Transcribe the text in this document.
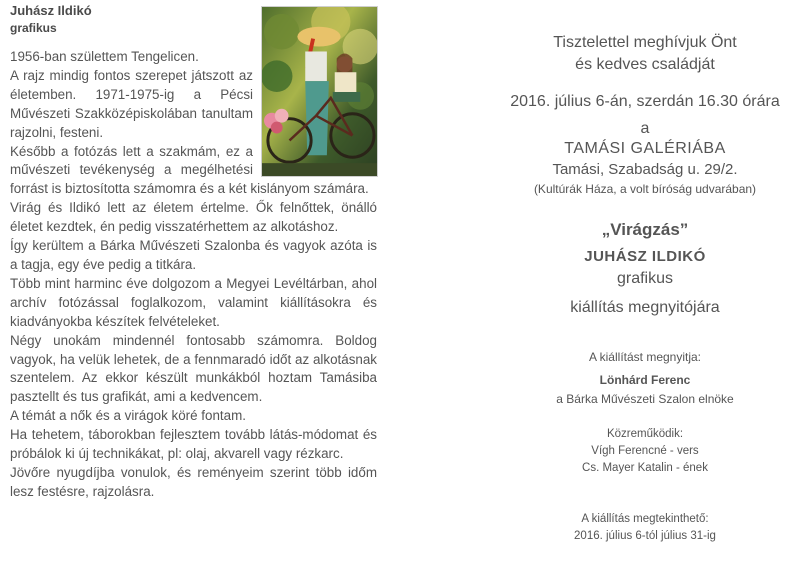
Juhász Ildikó
grafikus

1956-ban születtem Tengelicen.

A rajz mindig fontos szerepet játszott az életemben. 1971-1975-ig a Pécsi Művészeti Szakközépiskolában tanultam rajzolni, festeni.

Később a fotózás lett a szakmám, ez a művészeti tevékenység a megélhetési forrást is biztosította számomra és a két kislányom számára.

Virág és Ildikó lett az életem értelme. Ők felnőttek, önálló életet kezdtek, én pedig visszatérhettem az alkotáshoz.

Így kerültem a Bárka Művészeti Szalonba és vagyok azóta is a tagja, egy éve pedig a titkára.

Több mint harminc éve dolgozom a Megyei Levéltárban, ahol archív fotózással foglalkozom, valamint kiállításokra és kiadványokba készítek felvételeket.

Négy unokám mindennél fontosabb számomra. Boldog vagyok, ha velük lehetek, de a fennmaradó időt az alkotásnak szentelem. Az ekkor készült munkákból hoztam Tamásiba pasztellt és tus grafikát, ami a kedvencem.

A témát a nők és a virágok köré fontam.

Ha tehetem, táborokban fejlesztem tovább látás-módomat és próbálok ki új technikákat, pl: olaj, akvarell vagy rézkarc.

Jövőre nyugdíjba vonulok, és reményeim szerint több időm lesz festésre, rajzolásra.

Tisztelettel meghívjuk Önt
és kedves családját
2016. július 6-án, szerdán 16.30 órára
a
TAMÁSI GALÉRIÁBA
Tamási, Szabadság u. 29/2.
(Kultúrák Háza, a volt bíróság udvarában)
„Virágzás”
JUHÁSZ ILDIKÓ
grafikus
kiállítás megnyitójára
A kiállítást megnyitja:
Lönhárd Ferenc
a Bárka Művészeti Szalon elnöke
Közreműködik:
Vígh Ferencné - vers
Cs. Mayer Katalin - ének
A kiállítás megtekinthető:
2016. július 6-tól július 31-ig
